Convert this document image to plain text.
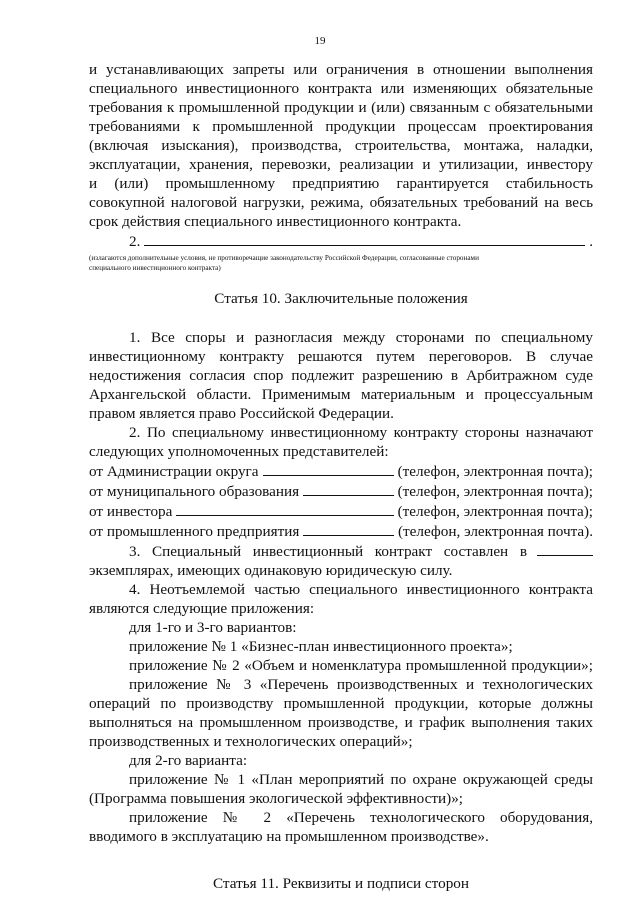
19
и устанавливающих запреты или ограничения в отношении выполнения
специального инвестиционного контракта или изменяющих обязательные
требования к промышленной продукции и (или) связанным с обязательными
требованиями к промышленной продукции процессам проектирования
(включая изыскания), производства, строительства, монтажа, наладки,
эксплуатации, хранения, перевозки, реализации и утилизации, инвестору
и (или) промышленному предприятию гарантируется стабильность
совокупной налоговой нагрузки, режима, обязательных требований на весь
срок действия специального инвестиционного контракта.
2.	.
(излагаются дополнительные условия, не противоречащие законодательству Российской Федерации, согласованные сторонами
специального инвестиционного контракта)
Статья 10. Заключительные положения
1. Все споры и разногласия между сторонами по специальному
инвестиционному контракту решаются путем переговоров. В случае
недостижения согласия спор подлежит разрешению в Арбитражном суде
Архангельской области. Применимым материальным и процессуальным
правом является право Российской Федерации.
2. По специальному инвестиционному контракту стороны назначают
следующих уполномоченных представителей:
от Администрации округа	(телефон, электронная почта);
от муниципального образования	(телефон, электронная почта);
от инвестора	(телефон, электронная почта);
от промышленного предприятия	(телефон, электронная почта).
3. Специальный инвестиционный контракт составлен в
экземплярах, имеющих одинаковую юридическую силу.
4. Неотъемлемой частью специального инвестиционного контракта
являются следующие приложения:
для 1-го и 3-го вариантов:
приложение № 1 «Бизнес-план инвестиционного проекта»;
приложение № 2 «Объем и номенклатура промышленной продукции»;
приложение № 3 «Перечень производственных и технологических
операций по производству промышленной продукции, которые должны
выполняться на промышленном производстве, и график выполнения таких
производственных и технологических операций»;
для 2-го варианта:
приложение № 1 «План мероприятий по охране окружающей среды
(Программа повышения экологической эффективности)»;
приложение № 2 «Перечень технологического оборудования,
вводимого в эксплуатацию на промышленном производстве».
Статья 11. Реквизиты и подписи сторон
